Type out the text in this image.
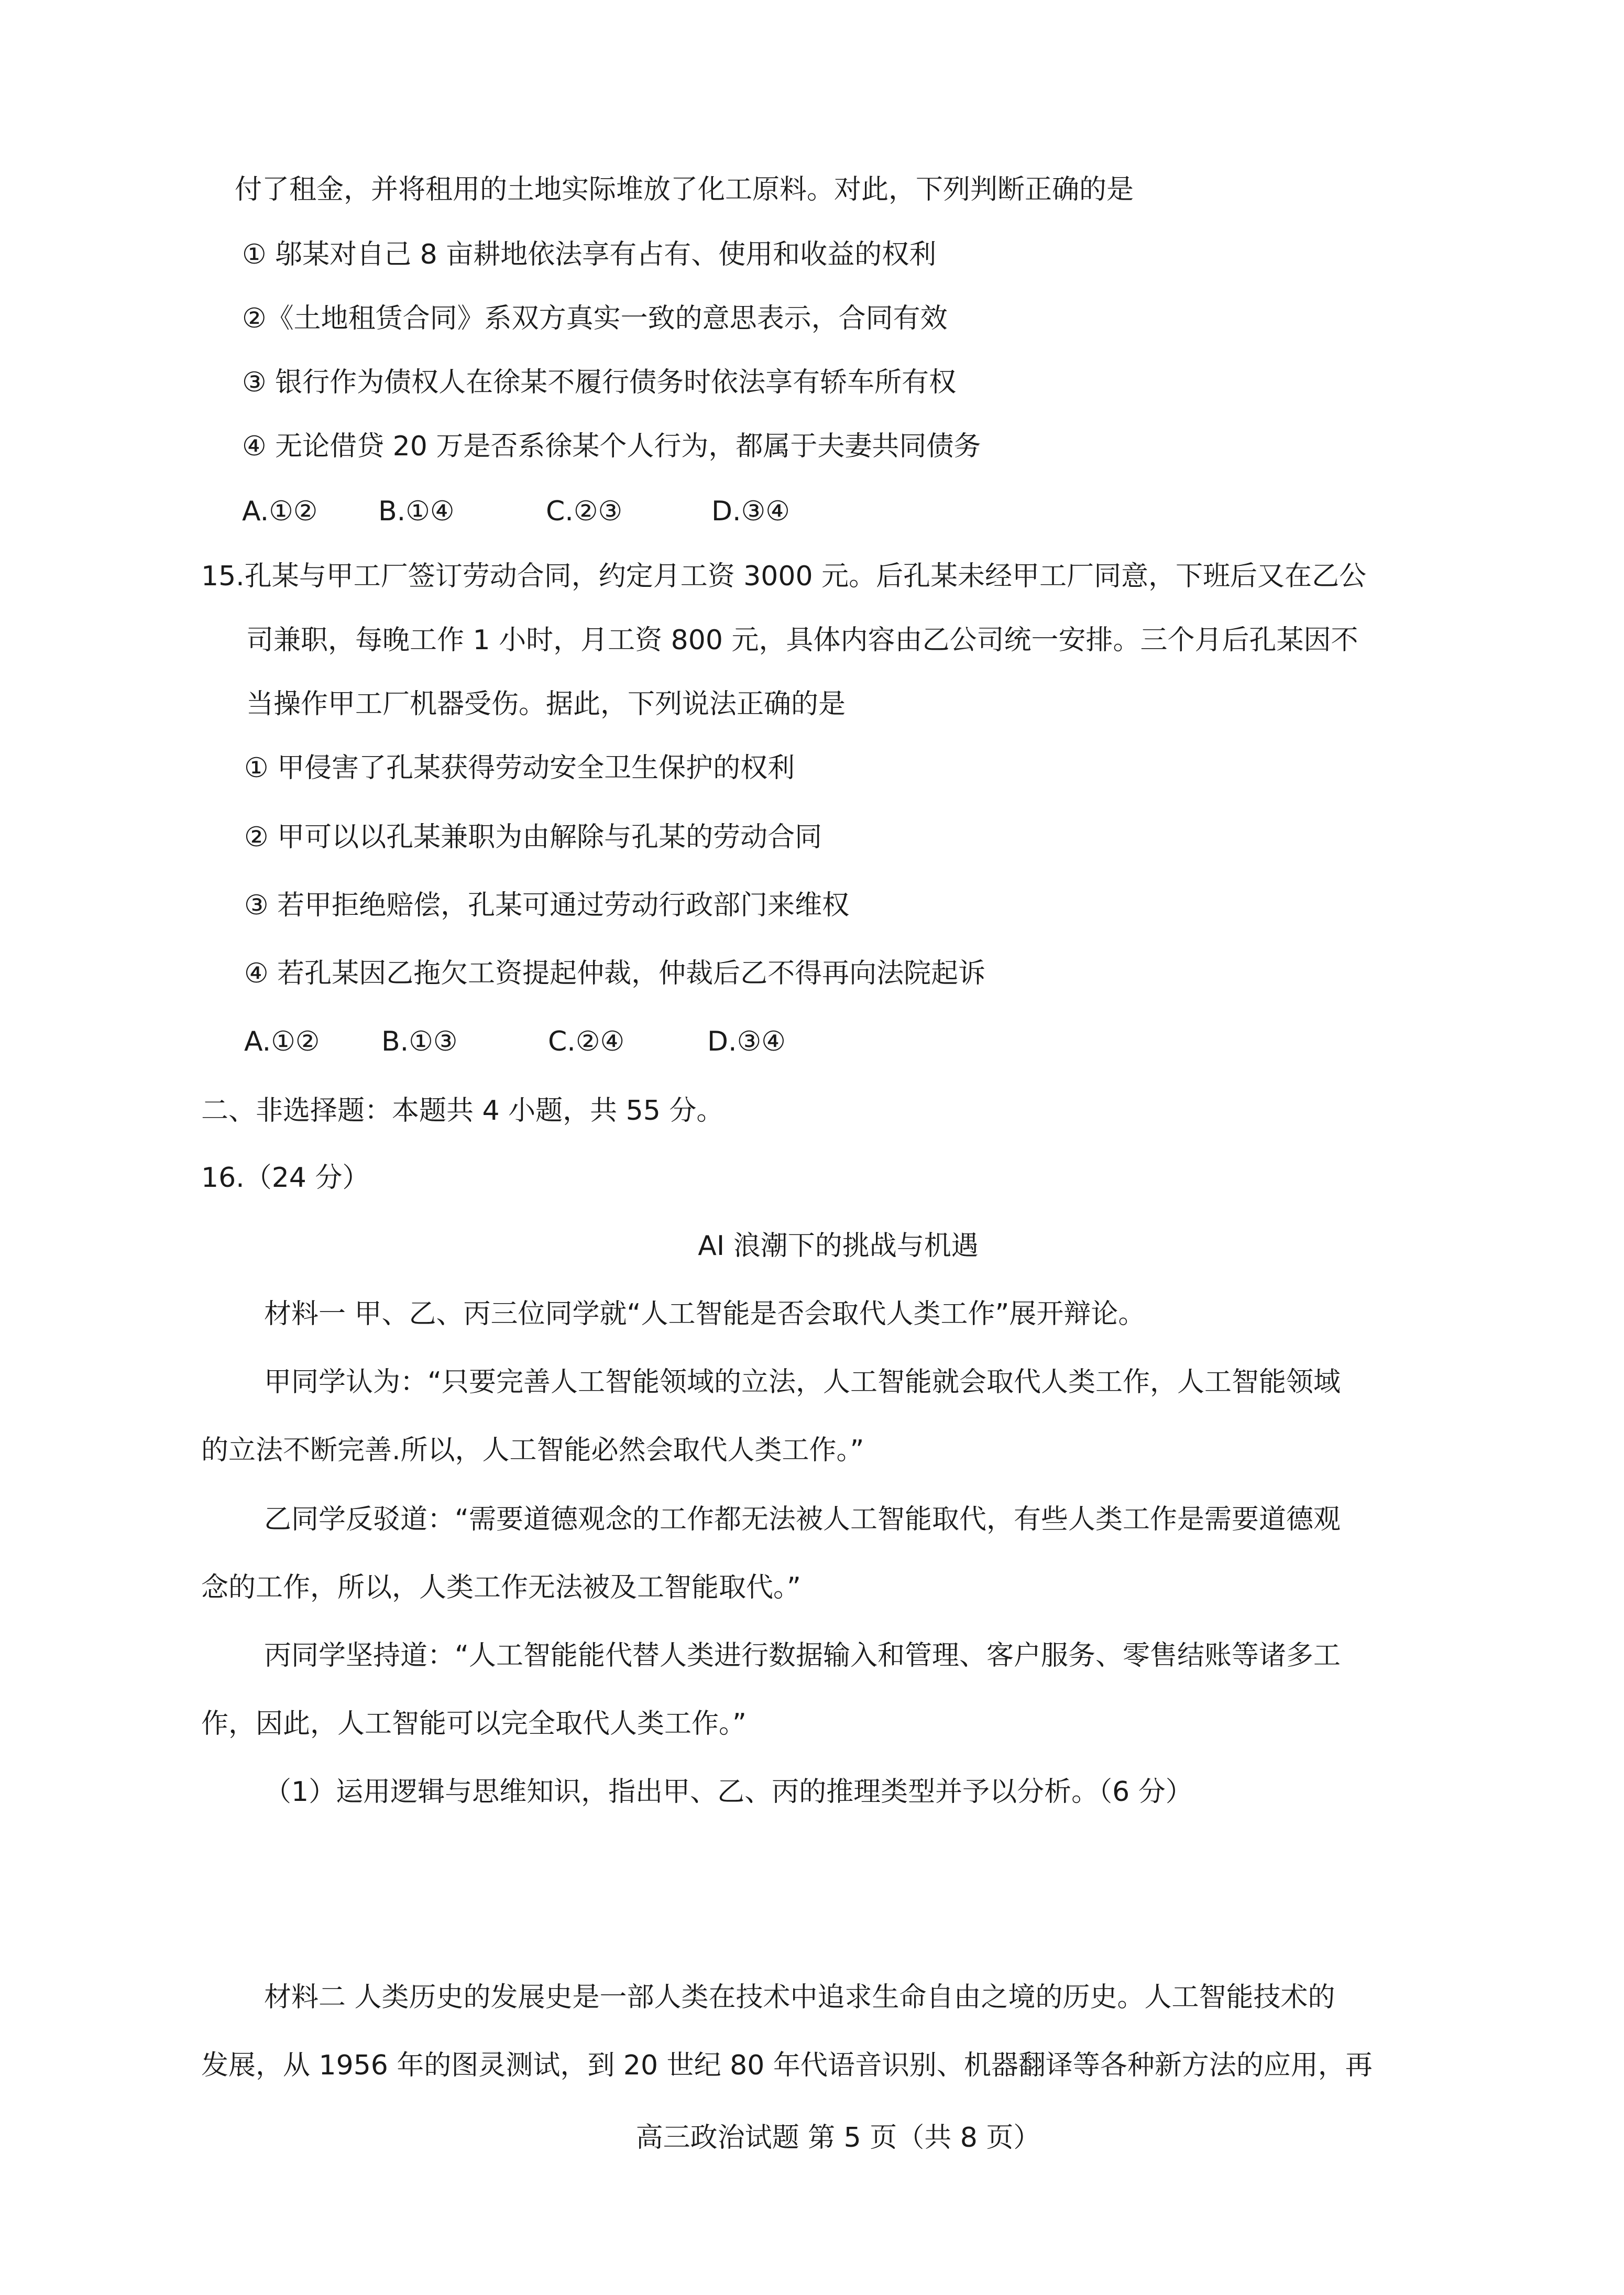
付了租金，并将租用的土地实际堆放了化工原料。对此，下列判断正确的是
① 邬某对自己 8 亩耕地依法享有占有、使用和收益的权利
②《土地租赁合同》系双方真实一致的意思表示，合同有效
③ 银行作为债权人在徐某不履行债务时依法享有轿车所有权
④ 无论借贷 20 万是否系徐某个人行为，都属于夫妻共同债务
A.①② B.①④	C.②③	D.③④
15.孔某与甲工厂签订劳动合同，约定月工资 3000 元。后孔某未经甲工厂同意，下班后又在乙公
司兼职，每晚工作 1 小时，月工资 800 元，具体内容由乙公司统一安排。三个月后孔某因不
当操作甲工厂机器受伤。据此，下列说法正确的是
① 甲侵害了孔某获得劳动安全卫生保护的权利
② 甲可以以孔某兼职为由解除与孔某的劳动合同
③ 若甲拒绝赔偿，孔某可通过劳动行政部门来维权
④ 若孔某因乙拖欠工资提起仲裁，仲裁后乙不得再向法院起诉
A.①② B.①③	C.②④	D.③④
二、非选择题：本题共 4 小题，共 55 分。
16.（24 分）
AI 浪潮下的挑战与机遇
材料一 甲、乙、丙三位同学就“人工智能是否会取代人类工作”展开辩论。
甲同学认为：“只要完善人工智能领域的立法，人工智能就会取代人类工作，人工智能领域
的立法不断完善.所以，人工智能必然会取代人类工作。”
乙同学反驳道：“需要道德观念的工作都无法被人工智能取代，有些人类工作是需要道德观
念的工作，所以，人类工作无法被及工智能取代。”
丙同学坚持道：“人工智能能代替人类进行数据输入和管理、客户服务、零售结账等诸多工
作，因此，人工智能可以完全取代人类工作。”
（1）运用逻辑与思维知识，指出甲、乙、丙的推理类型并予以分析。（6 分）
材料二 人类历史的发展史是一部人类在技术中追求生命自由之境的历史。人工智能技术的
发展，从 1956 年的图灵测试，到 20 世纪 80 年代语音识别、机器翻译等各种新方法的应用，再
高三政治试题 第 5 页（共 8 页）
